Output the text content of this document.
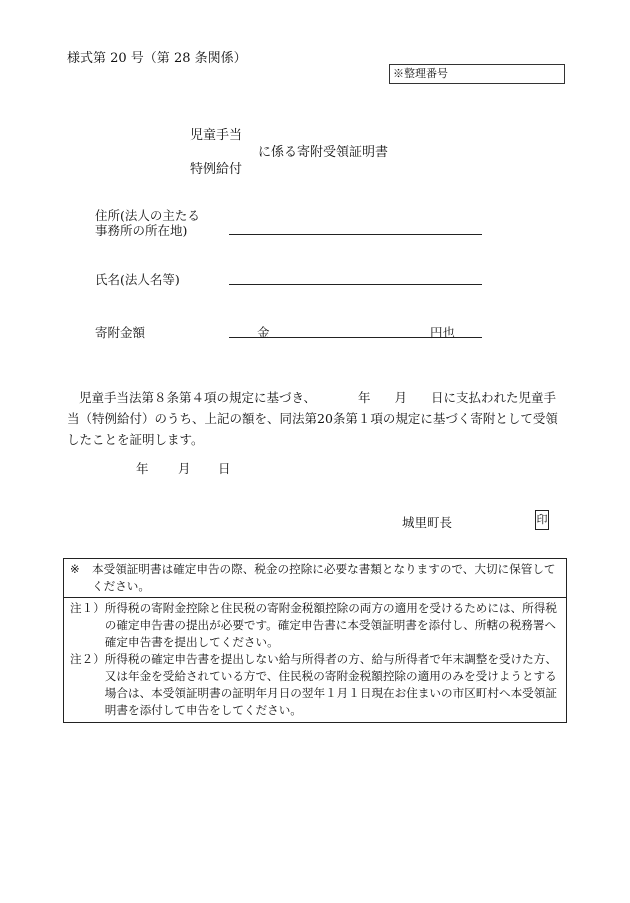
様式第 20 号（第 28 条関係）
※整理番号
児童手当
に係る寄附受領証明書
特例給付
住所(法人の主たる
事務所の所在地)
氏名(法人名等)
寄附金額	金	円也
児童手当法第８条第４項の規定に基づき、	年 月 日に支払われた児童手当（特例給付）のうち、上記の額を、同法第20条第１項の規定に基づく寄附として受領したことを証明します。
年 月 日
城里町長	印
※	本受領証明書は確定申告の際、税金の控除に必要な書類となりますので、大切に保管してください。
注１） 所得税の寄附金控除と住民税の寄附金税額控除の両方の適用を受けるためには、所得税の確定申告書の提出が必要です。確定申告書に本受領証明書を添付し、所轄の税務署へ確定申告書を提出してください。
注２） 所得税の確定申告書を提出しない給与所得者の方、給与所得者で年末調整を受けた方、又は年金を受給されている方で、住民税の寄附金税額控除の適用のみを受けようとする場合は、本受領証明書の証明年月日の翌年１月１日現在お住まいの市区町村へ本受領証明書を添付して申告をしてください。
